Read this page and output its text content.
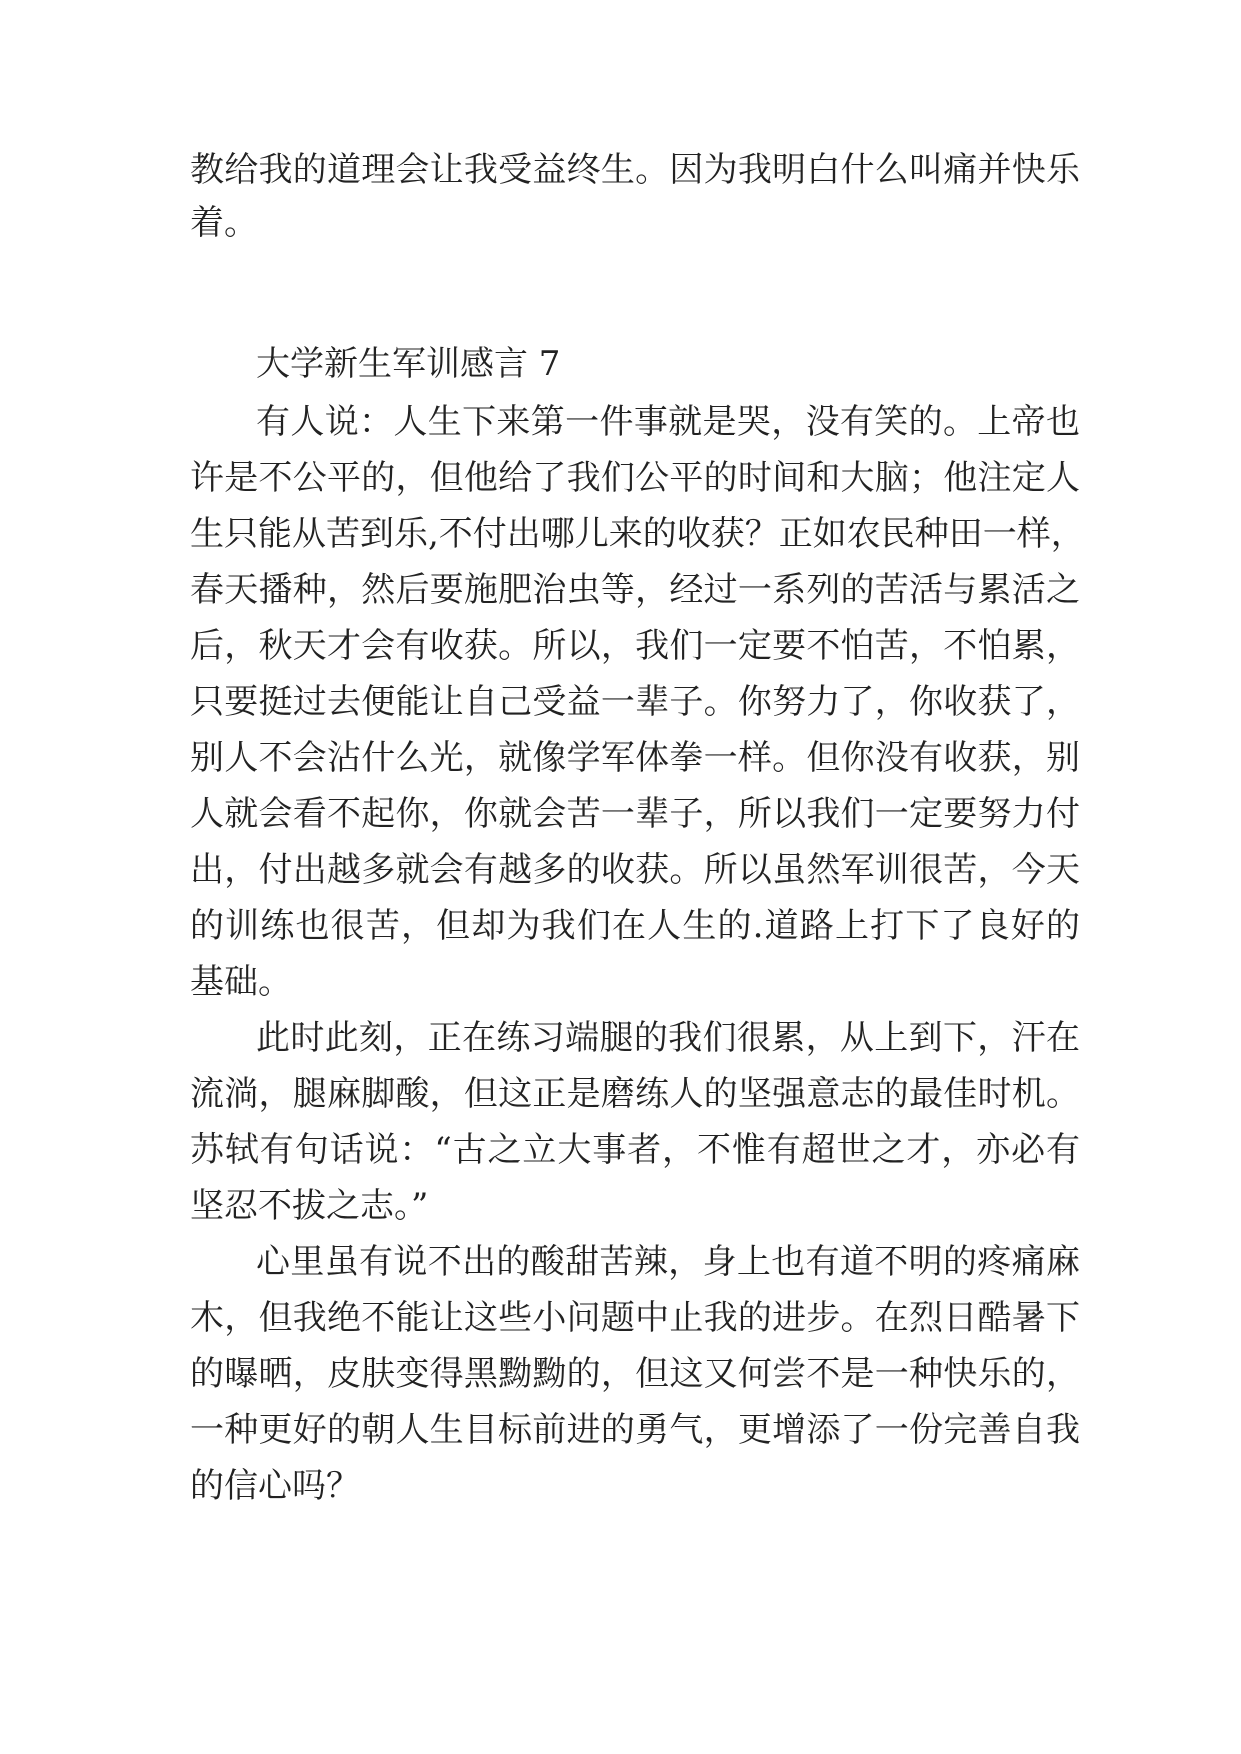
教给我的道理会让我受益终生。因为我明白什么叫痛并快乐
着。
大学新生军训感言 7
有人说：人生下来第一件事就是哭，没有笑的。上帝也
许是不公平的，但他给了我们公平的时间和大脑；他注定人
生只能从苦到乐,不付出哪儿来的收获？正如农民种田一样，
春天播种，然后要施肥治虫等，经过一系列的苦活与累活之
后，秋天才会有收获。所以，我们一定要不怕苦，不怕累，
只要挺过去便能让自己受益一辈子。你努力了，你收获了，
别人不会沾什么光，就像学军体拳一样。但你没有收获，别
人就会看不起你，你就会苦一辈子，所以我们一定要努力付
出，付出越多就会有越多的收获。所以虽然军训很苦，今天
的训练也很苦，但却为我们在人生的.道路上打下了良好的
基础。
此时此刻，正在练习端腿的我们很累，从上到下，汗在
流淌，腿麻脚酸，但这正是磨练人的坚强意志的最佳时机。
苏轼有句话说：“古之立大事者，不惟有超世之才，亦必有
坚忍不拔之志。”
心里虽有说不出的酸甜苦辣，身上也有道不明的疼痛麻
木，但我绝不能让这些小问题中止我的进步。在烈日酷暑下
的曝晒，皮肤变得黑黝黝的，但这又何尝不是一种快乐的，
一种更好的朝人生目标前进的勇气，更增添了一份完善自我
的信心吗？
